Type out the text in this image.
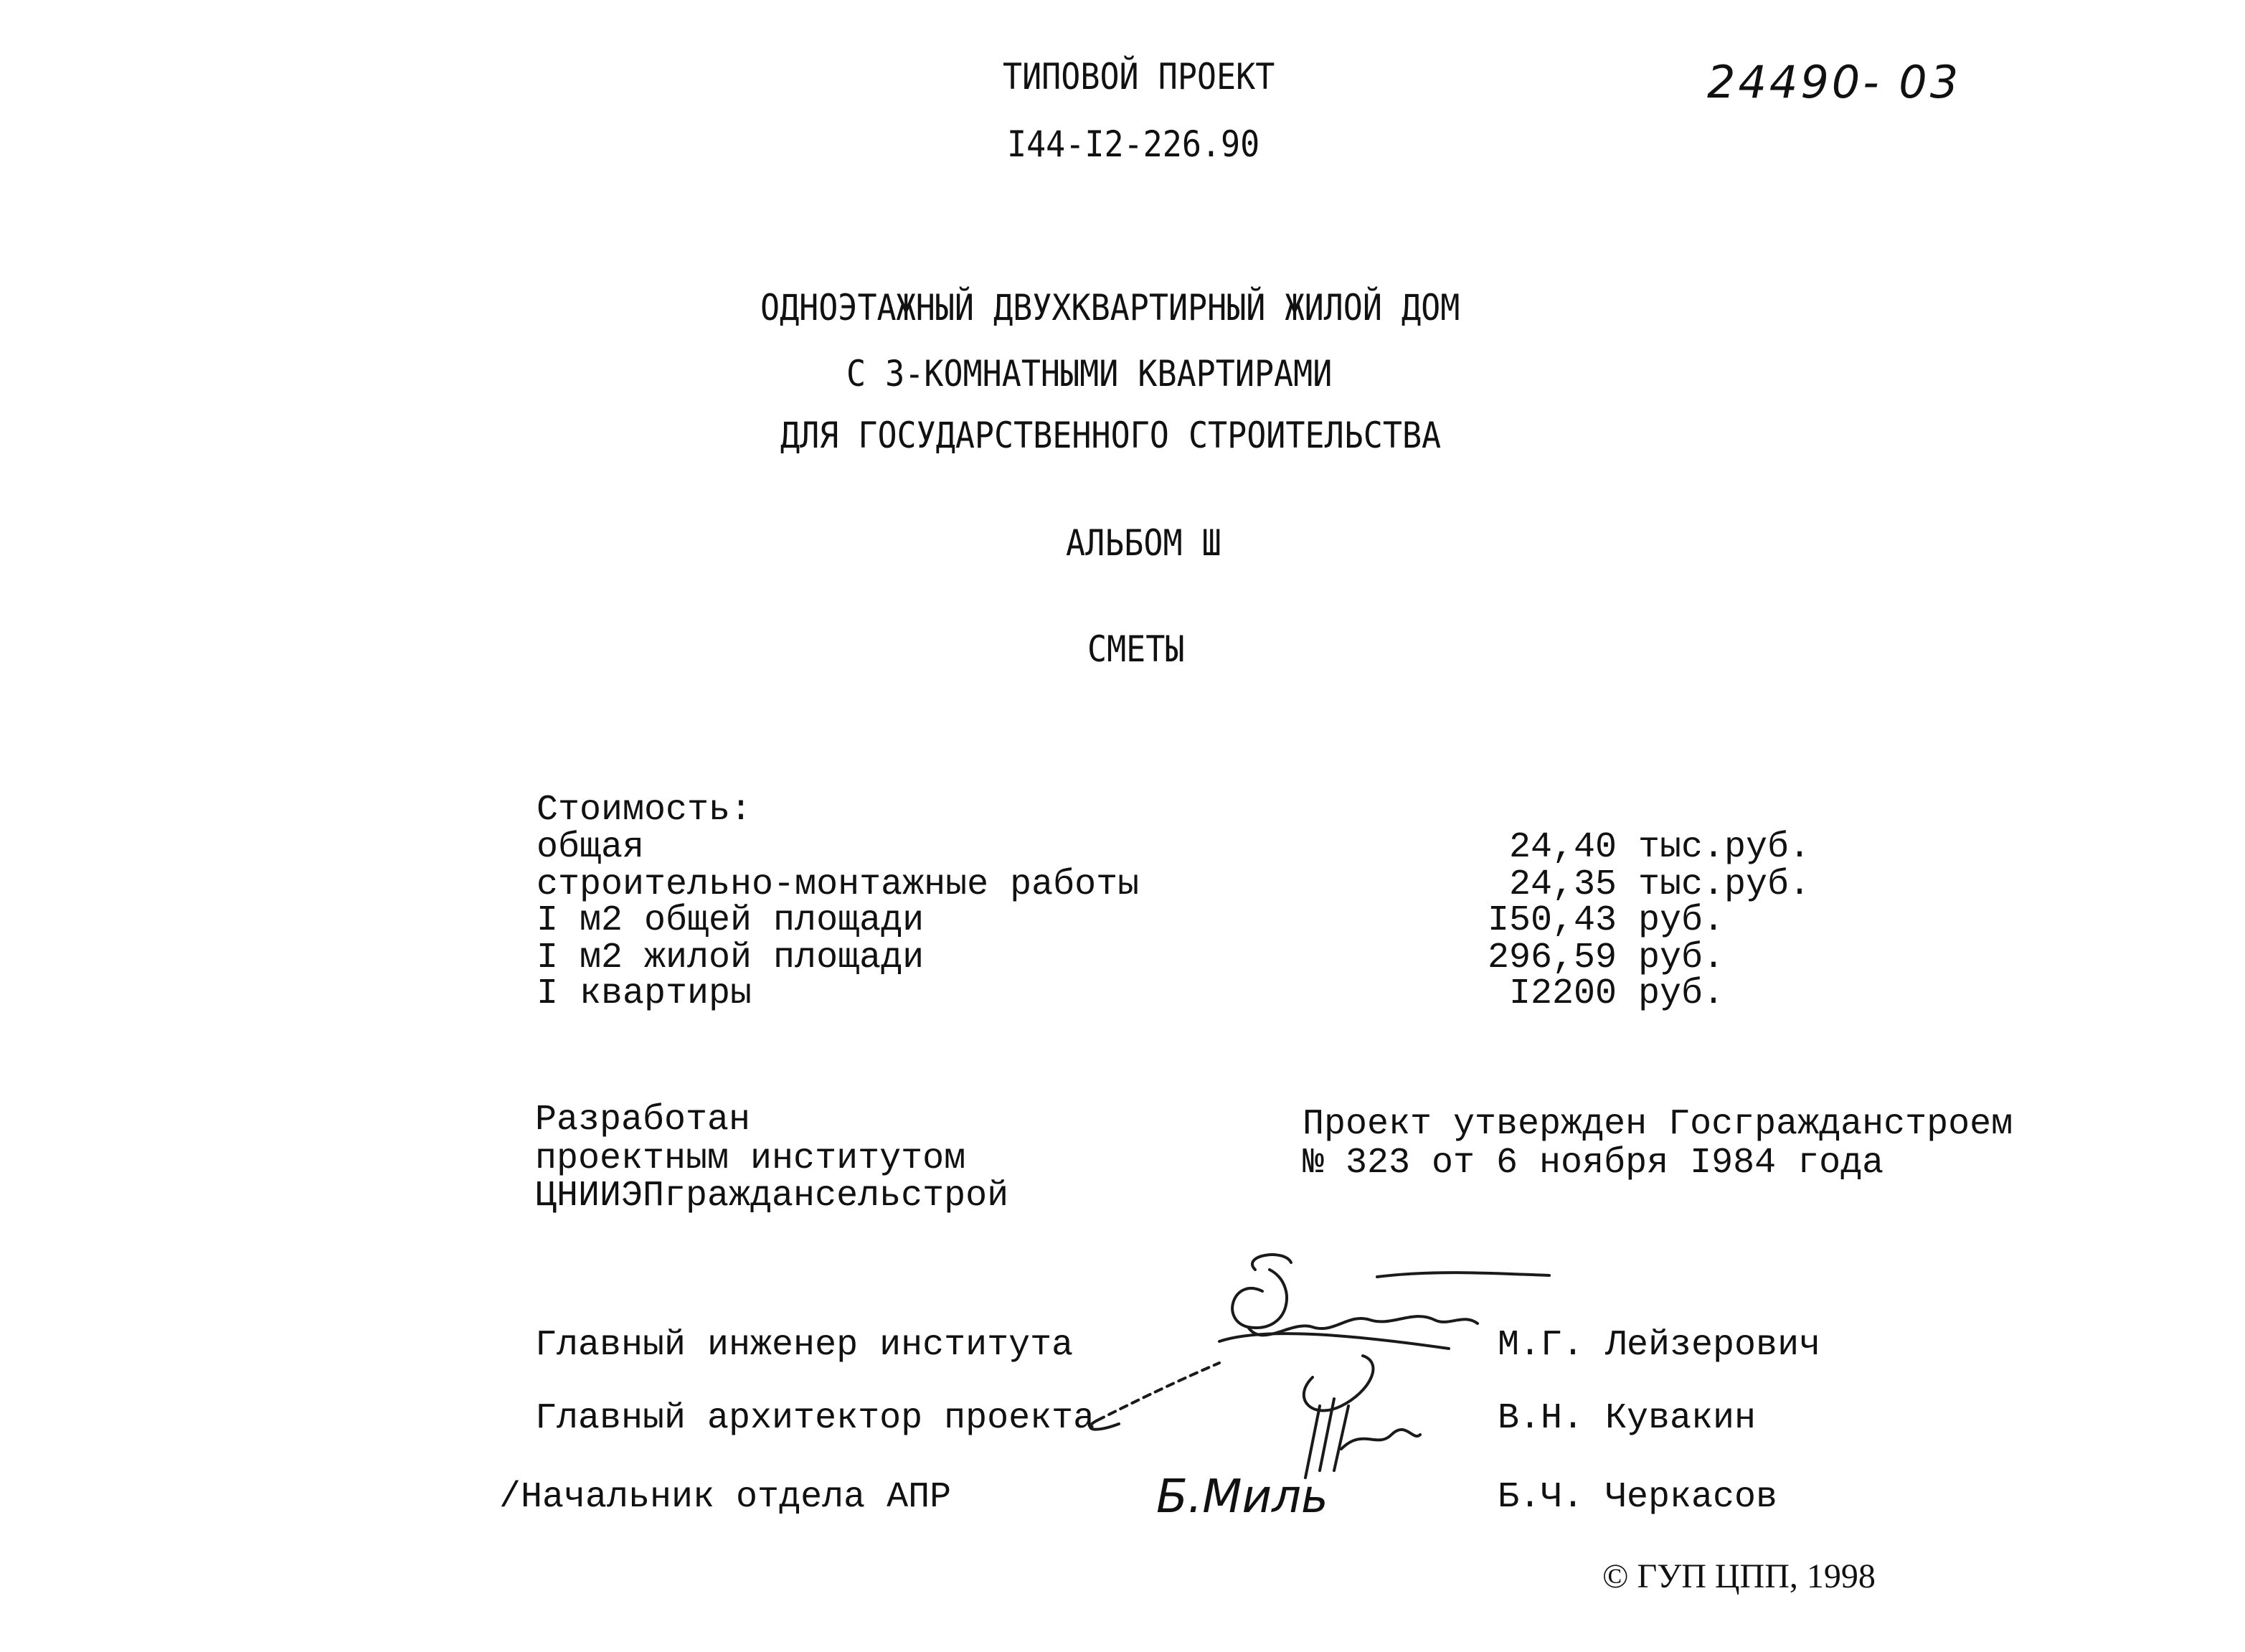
ТИПОВОЙ ПРОЕКТ
I44-I2-226.90
24490- 03
ОДНОЭТАЖНЫЙ ДВУХКВАРТИРНЫЙ ЖИЛОЙ ДОМ
С 3-КОМНАТНЫМИ КВАРТИРАМИ
ДЛЯ ГОСУДАРСТВЕННОГО СТРОИТЕЛЬСТВА
АЛЬБОМ Ш
СМЕТЫ
Стоимость:
общая	24,40 тыс.руб.
строительно-монтажные работы	24,35 тыс.руб.
I м2 общей площади	I50,43 руб.
I м2 жилой площади	296,59 руб.
I квартиры	I2200 руб.
Разработан
проектным институтом
ЦНИИЭПграждансельстрой
Проект утвержден Госгражданстроем
№ 323 от 6 ноября I984 года
Главный инженер института	М.Г. Лейзерович
Главный архитектор проекта	В.Н. Кувакин
/Начальник отдела АПР	Б.Ч. Черкасов
Б.Миль
© ГУП ЦПП, 1998
